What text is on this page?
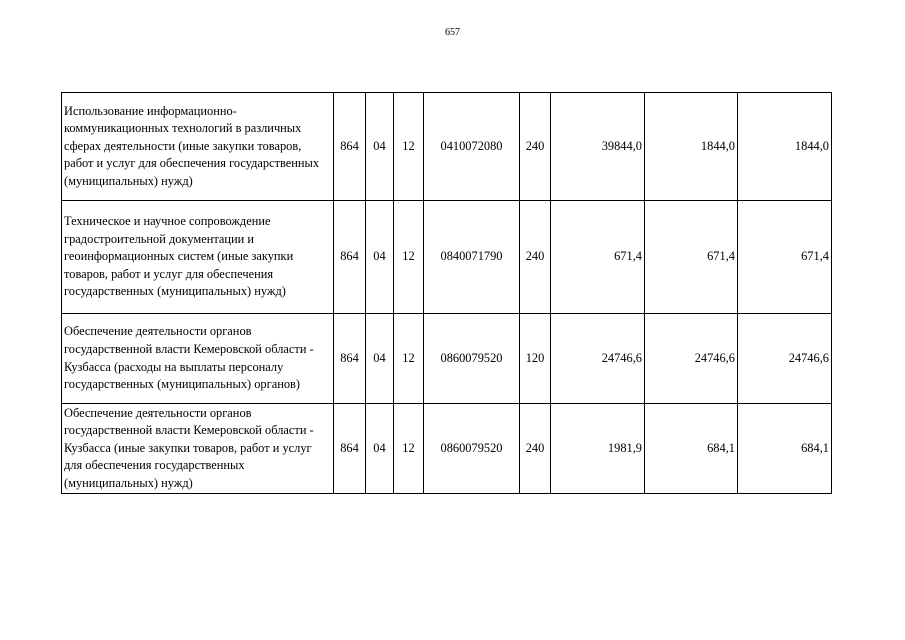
657
Использование информационно-коммуникационных технологий в различных сферах деятельности (иные закупки товаров, работ и услуг для обеспечения государственных (муниципальных) нужд)	864	04	12	0410072080	240	39844,0	1844,0	1844,0
Техническое и научное сопровождение градостроительной документации и геоинформационных систем (иные закупки товаров, работ и услуг для обеспечения государственных (муниципальных) нужд)	864	04	12	0840071790	240	671,4	671,4	671,4
Обеспечение деятельности органов государственной власти Кемеровской области - Кузбасса (расходы на выплаты персоналу государственных (муниципальных) органов)	864	04	12	0860079520	120	24746,6	24746,6	24746,6
Обеспечение деятельности органов государственной власти Кемеровской области - Кузбасса (иные закупки товаров, работ и услуг для обеспечения государственных (муниципальных) нужд)	864	04	12	0860079520	240	1981,9	684,1	684,1
